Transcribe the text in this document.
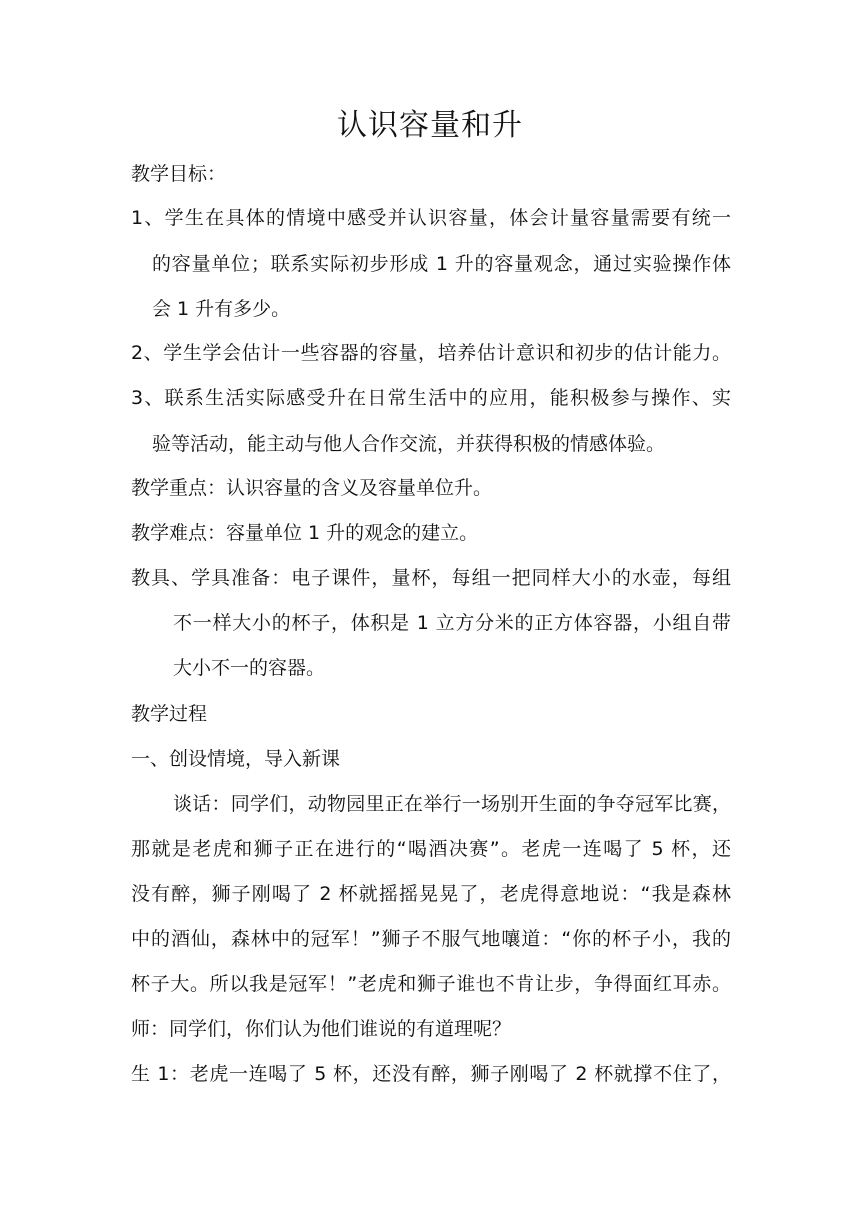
认识容量和升
教学目标：
1、学生在具体的情境中感受并认识容量，体会计量容量需要有统一
的容量单位；联系实际初步形成 1 升的容量观念，通过实验操作体
会 1 升有多少。
2、学生学会估计一些容器的容量，培养估计意识和初步的估计能力。
3、联系生活实际感受升在日常生活中的应用，能积极参与操作、实
验等活动，能主动与他人合作交流，并获得积极的情感体验。
教学重点：认识容量的含义及容量单位升。
教学难点：容量单位 1 升的观念的建立。
教具、学具准备：电子课件，量杯，每组一把同样大小的水壶，每组
不一样大小的杯子，体积是 1 立方分米的正方体容器，小组自带
大小不一的容器。
教学过程
一、创设情境，导入新课
谈话：同学们，动物园里正在举行一场别开生面的争夺冠军比赛，
那就是老虎和狮子正在进行的“喝酒决赛”。老虎一连喝了 5 杯，还
没有醉，狮子刚喝了 2 杯就摇摇晃晃了，老虎得意地说：“我是森林
中的酒仙，森林中的冠军！”狮子不服气地嚷道：“你的杯子小，我的
杯子大。所以我是冠军！”老虎和狮子谁也不肯让步，争得面红耳赤。
师：同学们，你们认为他们谁说的有道理呢？
生 1：老虎一连喝了 5 杯，还没有醉，狮子刚喝了 2 杯就撑不住了，
